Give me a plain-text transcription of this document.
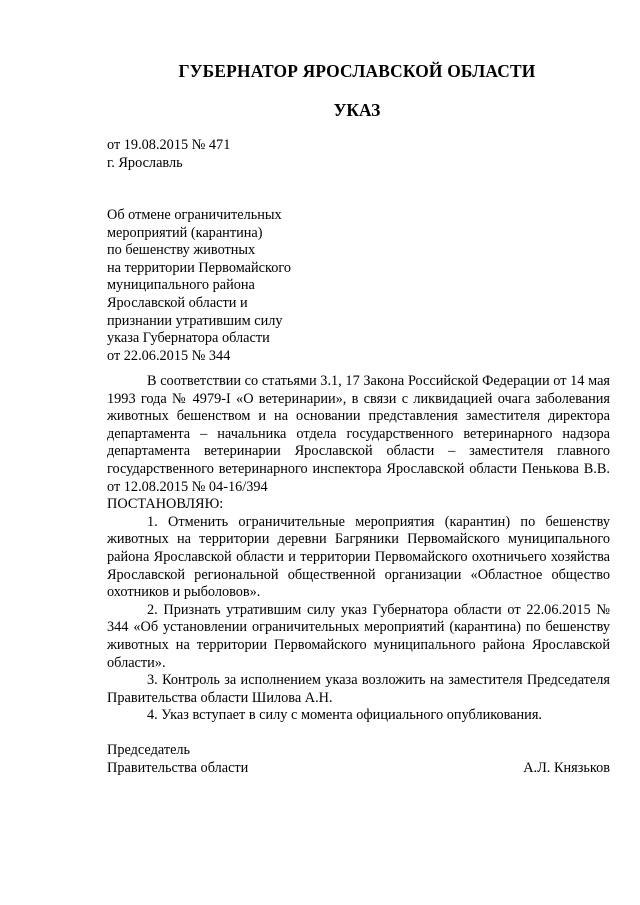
ГУБЕРНАТОР ЯРОСЛАВСКОЙ ОБЛАСТИ
УКАЗ
от 19.08.2015 № 471
г. Ярославль
Об отмене ограничительных
мероприятий (карантина)
по бешенству животных
на территории Первомайского
муниципального района
Ярославской области и
признании утратившим силу
указа Губернатора области
от 22.06.2015 № 344

В соответствии со статьями 3.1, 17 Закона Российской Федерации от 14 мая 1993 года № 4979-I «О ветеринарии», в связи с ликвидацией очага заболевания животных бешенством и на основании представления заместителя директора департамента – начальника отдела государственного ветеринарного надзора департамента ветеринарии Ярославской области – заместителя главного государственного ветеринарного инспектора Ярославской области Пенькова В.В. от 12.08.2015 № 04-16/394

ПОСТАНОВЛЯЮ:

1. Отменить ограничительные мероприятия (карантин) по бешенству животных на территории деревни Багряники Первомайского муниципального района Ярославской области и территории Первомайского охотничьего хозяйства Ярославской региональной общественной организации «Областное общество охотников и рыболовов».

2. Признать утратившим силу указ Губернатора области от 22.06.2015 № 344 «Об установлении ограничительных мероприятий (карантина) по бешенству животных на территории Первомайского муниципального района Ярославской области».

3. Контроль за исполнением указа возложить на заместителя Председателя Правительства области Шилова А.Н.

4. Указ вступает в силу с момента официального опубликования.

Председатель
Правительства области	А.Л. Князьков
